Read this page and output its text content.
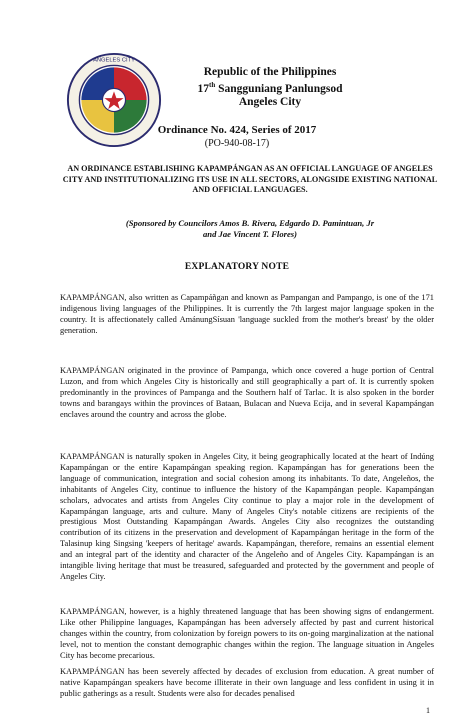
ANGELES CITY
Republic of the Philippines
17th Sangguniang Panlungsod
Angeles City
Ordinance No. 424, Series of 2017
(PO-940-08-17)
AN ORDINANCE ESTABLISHING KAPAMPÁNGAN AS AN OFFICIAL LANGUAGE OF ANGELES CITY AND INSTITUTIONALIZING ITS USE IN ALL SECTORS, ALONGSIDE EXISTING NATIONAL AND OFFICIAL LANGUAGES.
(Sponsored by Councilors Amos B. Rivera, Edgardo D. Pamintuan, Jr
and Jae Vincent T. Flores)
EXPLANATORY NOTE

KAPAMPÁNGAN, also written as Capampáñgan and known as Pampangan and Pampango, is one of the 171 indigenous living languages of the Philippines. It is currently the 7th largest major language spoken in the country. It is affectionately called AmánungSísuan 'language suckled from the mother's breast' by the older generation.

KAPAMPÁNGAN originated in the province of Pampanga, which once covered a huge portion of Central Luzon, and from which Angeles City is historically and still geographically a part of. It is currently spoken predominantly in the provinces of Pampanga and the Southern half of Tarlac. It is also spoken in the border towns and barangays within the provinces of Bataan, Bulacan and Nueva Ecija, and in several Kapampángan enclaves around the country and across the globe.

KAPAMPÁNGAN is naturally spoken in Angeles City, it being geographically located at the heart of Indúng Kapampángan or the entire Kapampángan speaking region. Kapampángan has for generations been the language of communication, integration and social cohesion among its inhabitants. To date, Angeleños, the inhabitants of Angeles City, continue to influence the history of the Kapampángan people. Kapampángan scholars, advocates and artists from Angeles City continue to play a major role in the development of Kapampángan language, arts and culture. Many of Angeles City's notable citizens are recipients of the prestigious Most Outstanding Kapampángan Awards. Angeles City also recognizes the outstanding contribution of its citizens in the preservation and development of Kapampángan heritage in the form of the Talasinup king Singsing 'keepers of heritage' awards. Kapampángan, therefore, remains an essential element and an integral part of the identity and character of the Angeleño and of Angeles City. Kapampángan is an intangible living heritage that must be treasured, safeguarded and protected by the government and people of Angeles City.

KAPAMPÁNGAN, however, is a highly threatened language that has been showing signs of endangerment. Like other Philippine languages, Kapampángan has been adversely affected by past and current historical changes within the country, from colonization by foreign powers to its on-going marginalization at the national level, not to mention the constant demographic changes within the region. The language situation in Angeles City has become precarious.

KAPAMPÁNGAN has been severely affected by decades of exclusion from education. A great number of native Kapampángan speakers have become illiterate in their own language and less confident in using it in public gatherings as a result. Students were also for decades penalised

1
